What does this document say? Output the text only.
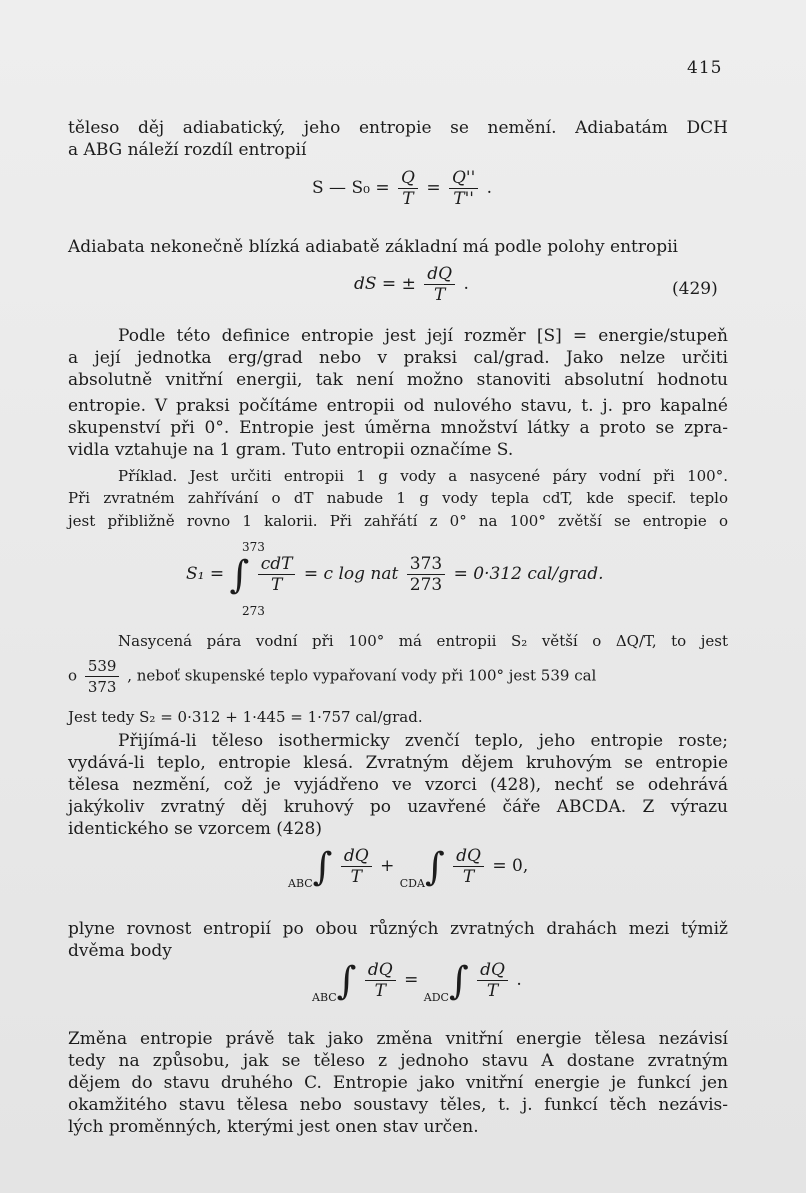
415
těleso děj adiabatický, jeho entropie se nemění. Adiabatám DCH
a ABG náleží rozdíl entropií
S — $S_0 = \frac{Q}{T} = \frac{Q''}{T''}$ .
Adiabata nekonečně blízká adiabatě základní má podle polohy entropii
dS = ± $\frac{dQ}{T}$ .	(429)
Podle této definice entropie jest její rozměr [S] = energie/stupeň
a její jednotka erg/grad nebo v praksi cal/grad. Jako nelze určiti
absolutně vnitřní energii, tak není možno stanoviti absolutní hodnotu
entropie. V praksi počítáme entropii od nulového stavu, t. j. pro kapalné
skupenství při 0°. Entropie jest úměrna množství látky a proto se zpra-
vidla vztahuje na 1 gram. Tuto entropii označíme S.
Příklad. Jest určiti entropii 1 g vody a nasycené páry vodní při 100°.
Při zvratném zahřívání o dT nabude 1 g vody tepla cdT, kde specif. teplo
jest přibližně rovno 1 kalorii. Při zahřátí z 0° na 100° zvětší se entropie o
373
273
S₁ = ∫ $\frac{\text{cdT}}{T} = c$ log nat $\frac{373}{273} = 0\cdot 312$ cal/grad.
Nasycená pára vodní při 100° má entropii S₂ větší o ΔQ/T, to jest
o $\frac{539}{373}$ , neboť skupenské teplo vypařovaní vody při 100° jest 539 cal
Jest tedy S₂ = 0·312 + 1·445 = 1·757 cal/grad.
Přijímá-li těleso isothermicky zvenčí teplo, jeho entropie roste;
vydává-li teplo, entropie klesá. Zvratným dějem kruhovým se entropie
tělesa nezmění, což je vyjádřeno ve vzorci (428), nechť se odehrává
jakýkoliv zvratný děj kruhový po uzavřené čáře ABCDA. Z výrazu
identického se vzorcem (428)
$_{ABC}\int \frac{dQ}{T} + _{CDA}\int \frac{dQ}{T} = 0$,
plyne rovnost entropií po obou různých zvratných drahách mezi týmiž
dvěma body
$_{ABC}\int \frac{dQ}{T} = _{ADC}\int \frac{dQ}{T}$ .
Změna entropie právě tak jako změna vnitřní energie tělesa nezávisí
tedy na způsobu, jak se těleso z jednoho stavu A dostane zvratným
dějem do stavu druhého C. Entropie jako vnitřní energie je funkcí jen
okamžitého stavu tělesa nebo soustavy těles, t. j. funkcí těch nezávis-
lých proměnných, kterými jest onen stav určen.
